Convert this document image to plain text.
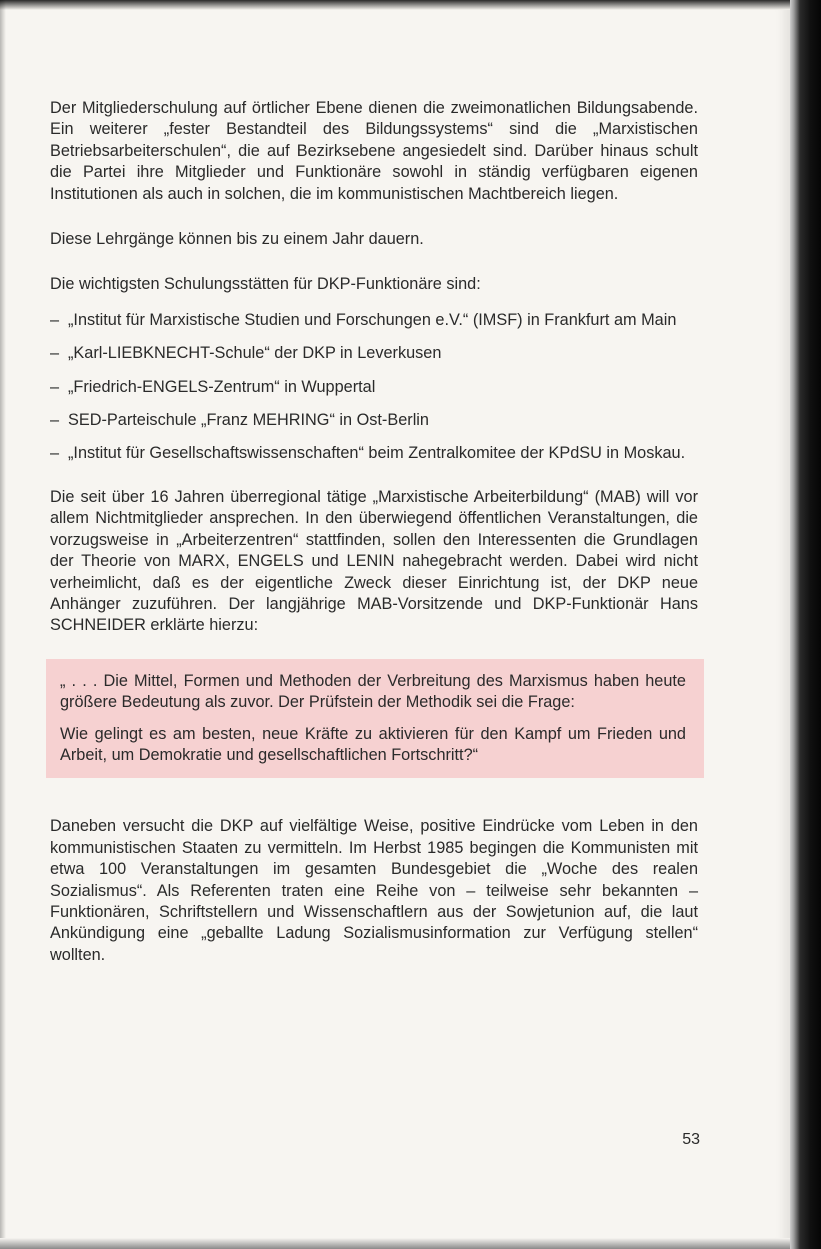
Der Mitgliederschulung auf örtlicher Ebene dienen die zweimonatlichen Bildungsabende. Ein weiterer „fester Bestandteil des Bildungssystems“ sind die „Marxistischen Betriebsarbeiterschulen“, die auf Bezirksebene angesiedelt sind. Darüber hinaus schult die Partei ihre Mitglieder und Funktionäre sowohl in ständig verfügbaren eigenen Institutionen als auch in solchen, die im kommunistischen Machtbereich liegen.

Diese Lehrgänge können bis zu einem Jahr dauern.

Die wichtigsten Schulungsstätten für DKP-Funktionäre sind:

– „Institut für Marxistische Studien und Forschungen e.V.“ (IMSF) in Frankfurt am Main
– „Karl-LIEBKNECHT-Schule“ der DKP in Leverkusen
– „Friedrich-ENGELS-Zentrum“ in Wuppertal
– SED-Parteischule „Franz MEHRING“ in Ost-Berlin
– „Institut für Gesellschaftswissenschaften“ beim Zentralkomitee der KPdSU in Moskau.

Die seit über 16 Jahren überregional tätige „Marxistische Arbeiterbildung“ (MAB) will vor allem Nichtmitglieder ansprechen. In den überwiegend öffentlichen Veranstaltungen, die vorzugsweise in „Arbeiterzentren“ stattfinden, sollen den Interessenten die Grundlagen der Theorie von MARX, ENGELS und LENIN nahegebracht werden. Dabei wird nicht verheimlicht, daß es der eigentliche Zweck dieser Einrichtung ist, der DKP neue Anhänger zuzuführen. Der langjährige MAB-Vorsitzende und DKP-Funktionär Hans SCHNEIDER erklärte hierzu:

„ . . . Die Mittel, Formen und Methoden der Verbreitung des Marxismus haben heute größere Bedeutung als zuvor. Der Prüfstein der Methodik sei die Frage:

Wie gelingt es am besten, neue Kräfte zu aktivieren für den Kampf um Frieden und Arbeit, um Demokratie und gesellschaftlichen Fortschritt?“

Daneben versucht die DKP auf vielfältige Weise, positive Eindrücke vom Leben in den kommunistischen Staaten zu vermitteln. Im Herbst 1985 begingen die Kommunisten mit etwa 100 Veranstaltungen im gesamten Bundesgebiet die „Woche des realen Sozialismus“. Als Referenten traten eine Reihe von – teilweise sehr bekannten – Funktionären, Schriftstellern und Wissenschaftlern aus der Sowjetunion auf, die laut Ankündigung eine „geballte Ladung Sozialismusinformation zur Verfügung stellen“ wollten.

53
